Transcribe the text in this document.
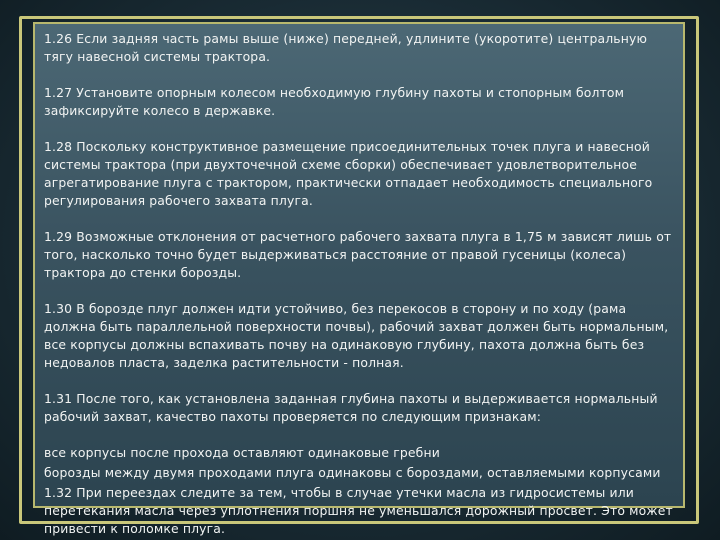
1.26 Если задняя часть рамы выше (ниже) передней, удлините (укоротите) центральную тягу навесной системы трактора.

1.27 Установите опорным колесом необходимую глубину пахоты и стопорным болтом зафиксируйте колесо в державке.

1.28 Поскольку конструктивное размещение присоединительных точек плуга и навесной системы трактора (при двухточечной схеме сборки) обеспечивает удовлетворительное агрегатирование плуга с трактором, практически отпадает необходимость специального регулирования рабочего захвата плуга.

1.29 Возможные отклонения от расчетного рабочего захвата плуга в 1,75 м зависят лишь от того, насколько точно будет выдерживаться расстояние от правой гусеницы (колеса) трактора до стенки борозды.

1.30 В борозде плуг должен идти устойчиво, без перекосов в сторону и по ходу (рама должна быть параллельной поверхности почвы), рабочий захват должен быть нормальным, все корпусы должны вспахивать почву на одинаковую глубину, пахота должна быть без недовалов пласта, заделка растительности - полная.

1.31 После того, как установлена заданная глубина пахоты и выдерживается нормальный рабочий захват, качество пахоты проверяется по следующим признакам:

все корпусы после прохода оставляют одинаковые гребни

борозды между двумя проходами плуга одинаковы с бороздами, оставляемыми корпусами

1.32 При переездах следите за тем, чтобы в случае утечки масла из гидросистемы или перетекания масла через уплотнения поршня не уменьшался дорожный просвет. Это может привести к поломке плуга.
